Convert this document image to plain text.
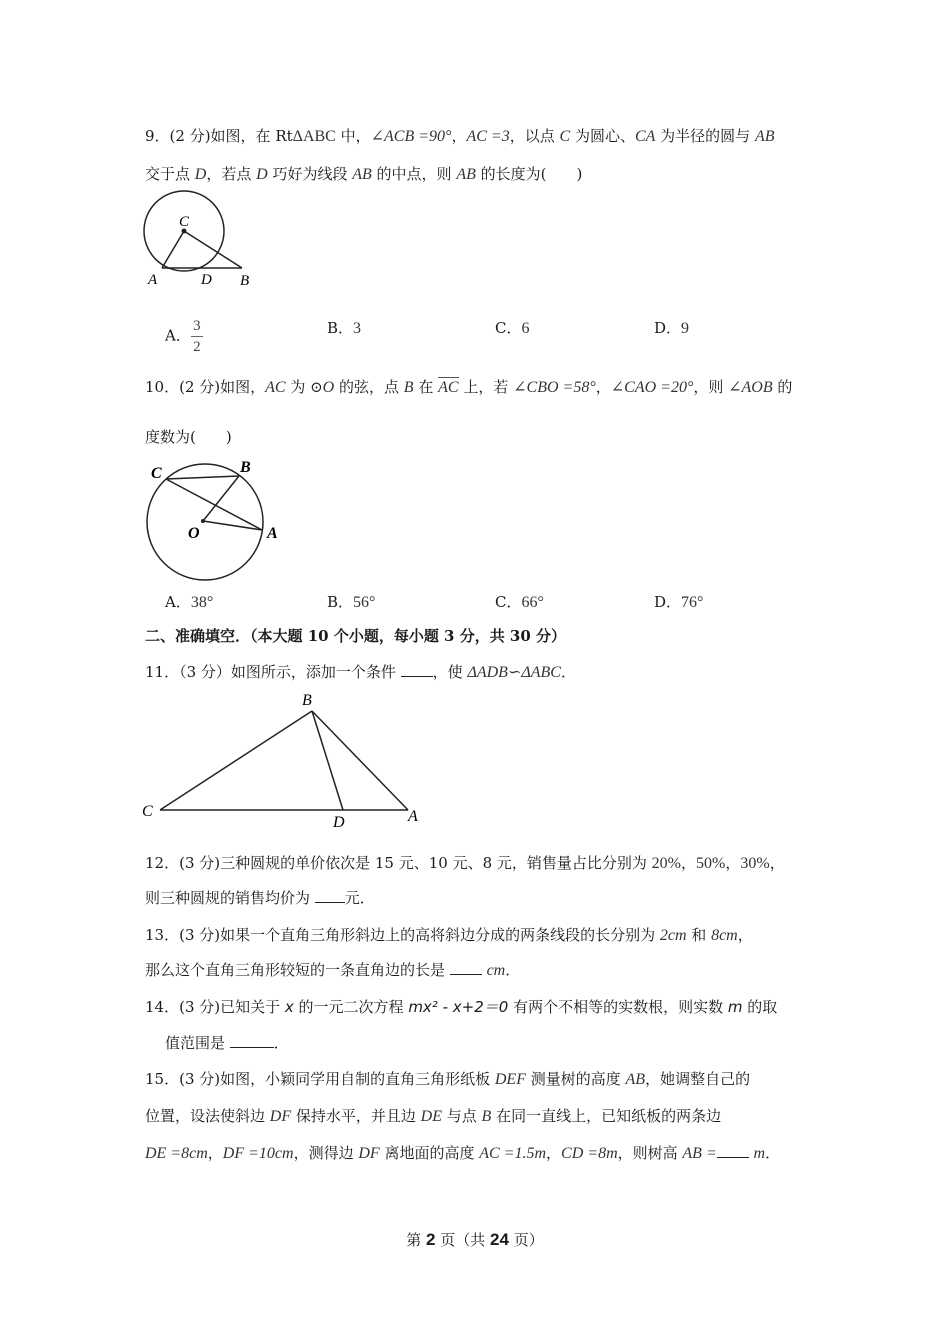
9．(2 分)如图，在 RtΔABC 中，∠ACB =90°，AC =3，以点 C 为圆心、CA 为半径的圆与 AB
交于点 D，若点 D 巧好为线段 AB 的中点，则 AB 的长度为(　　)
C
A	D B
A． $\frac{3}{2}$	B．3	C．6	D．9
10．(2 分)如图，AC 为 ⊙O 的弦，点 B 在 AC 上，若 ∠CBO =58°，∠CAO =20°，则 ∠AOB 的
度数为(　　)
C	B
O	A
A．38°	B．56°	C．66°	D．76°
二、准确填空．（本大题 10 个小题，每小题 3 分，共 30 分）
11．（3 分）如图所示，添加一个条件 ，使 ΔADB∽ΔABC．
B
C
D	A
12．(3 分)三种圆规的单价依次是 15 元、10 元、8 元，销售量占比分别为 20%，50%，30%，
则三种圆规的销售均价为 元．
13．(3 分)如果一个直角三角形斜边上的高将斜边分成的两条线段的长分别为 2cm 和 8cm，
那么这个直角三角形较短的一条直角边的长是  cm．
14．(3 分)已知关于 x 的一元二次方程 mx² - x+2＝0 有两个不相等的实数根，则实数 m 的取
值范围是	．
15．(3 分)如图，小颖同学用自制的直角三角形纸板 DEF 测量树的高度 AB，她调整自己的
位置，设法使斜边 DF 保持水平，并且边 DE 与点 B 在同一直线上，已知纸板的两条边
DE =8cm，DF =10cm，测得边 DF 离地面的高度 AC =1.5m，CD =8m，则树高 AB = m．
第 2 页（共 24 页）
